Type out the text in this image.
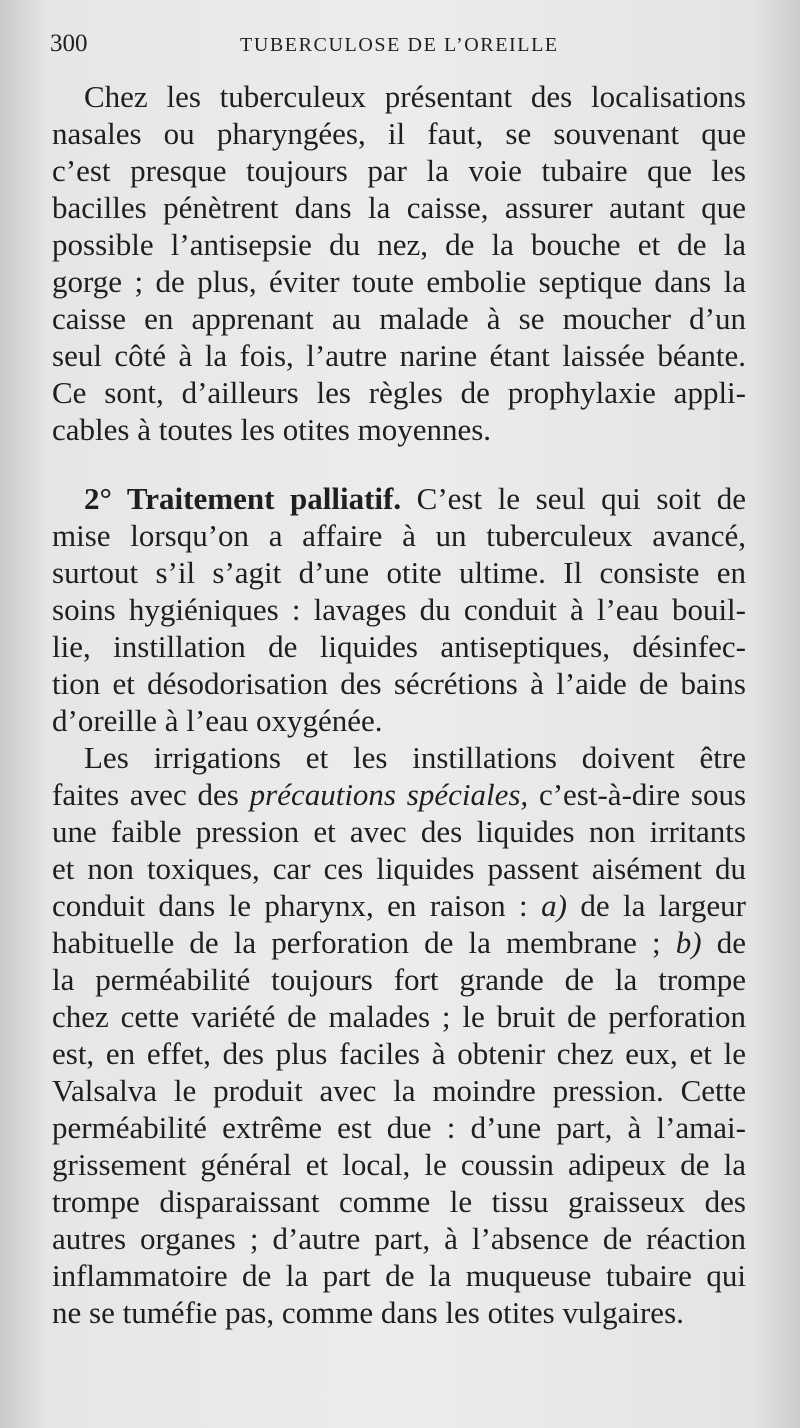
300	TUBERCULOSE DE L’OREILLE
Chez les tuberculeux présentant des localisations
nasales ou pharyngées, il faut, se souvenant que
c’est presque toujours par la voie tubaire que les
bacilles pénètrent dans la caisse, assurer autant que
possible l’antisepsie du nez, de la bouche et de la
gorge ; de plus, éviter toute embolie septique dans la
caisse en apprenant au malade à se moucher d’un
seul côté à la fois, l’autre narine étant laissée béante.
Ce sont, d’ailleurs les règles de prophylaxie appli-
cables à toutes les otites moyennes.
2° Traitement palliatif. C’est le seul qui soit de
mise lorsqu’on a affaire à un tuberculeux avancé,
surtout s’il s’agit d’une otite ultime. Il consiste en
soins hygiéniques : lavages du conduit à l’eau bouil-
lie, instillation de liquides antiseptiques, désinfec-
tion et désodorisation des sécrétions à l’aide de bains
d’oreille à l’eau oxygénée.
Les irrigations et les instillations doivent être
faites avec des précautions spéciales, c’est-à-dire sous
une faible pression et avec des liquides non irritants
et non toxiques, car ces liquides passent aisément du
conduit dans le pharynx, en raison : a) de la largeur
habituelle de la perforation de la membrane ; b) de
la perméabilité toujours fort grande de la trompe
chez cette variété de malades ; le bruit de perforation
est, en effet, des plus faciles à obtenir chez eux, et le
Valsalva le produit avec la moindre pression. Cette
perméabilité extrême est due : d’une part, à l’amai-
grissement général et local, le coussin adipeux de la
trompe disparaissant comme le tissu graisseux des
autres organes ; d’autre part, à l’absence de réaction
inflammatoire de la part de la muqueuse tubaire qui
ne se tuméfie pas, comme dans les otites vulgaires.
